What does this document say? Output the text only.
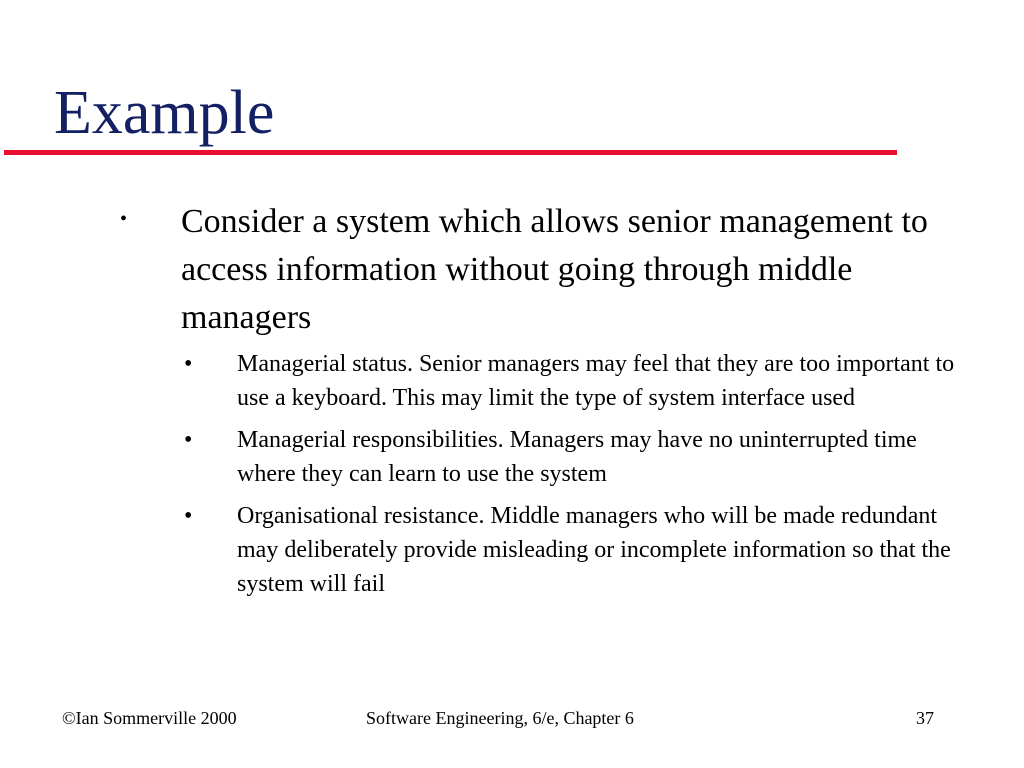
Example
• Consider a system which allows senior management to access information without going through middle managers
• Managerial status. Senior managers may feel that they are too important to use a keyboard. This may limit the type of system interface used
• Managerial responsibilities. Managers may have no uninterrupted time where they can learn to use the system
• Organisational resistance. Middle managers who will be made redundant may deliberately provide misleading or incomplete information so that the system will fail
©Ian Sommerville 2000	Software Engineering, 6/e, Chapter 6	37
